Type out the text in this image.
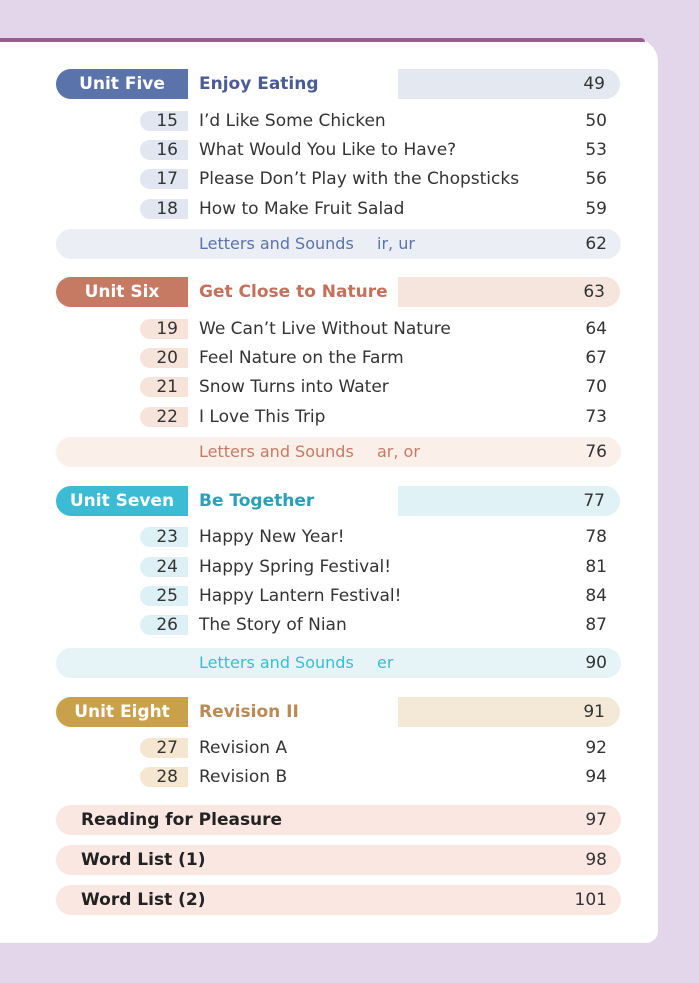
Unit Five	Enjoy Eating	49
15	I’d Like Some Chicken	50
16	What Would You Like to Have?	53
17	Please Don’t Play with the Chopsticks	56
18	How to Make Fruit Salad	59
Letters and Sounds ir, ur	62
Unit Six	Get Close to Nature	63
19	We Can’t Live Without Nature	64
20	Feel Nature on the Farm	67
21	Snow Turns into Water	70
22	I Love This Trip	73
Letters and Sounds ar, or	76
Unit Seven	Be Together	77
23	Happy New Year!	78
24	Happy Spring Festival!	81
25	Happy Lantern Festival!	84
26	The Story of Nian	87
Letters and Sounds er	90
Unit Eight	Revision II	91
27	Revision A	92
28	Revision B	94
Reading for Pleasure	97
Word List (1)	98
Word List (2)	101
